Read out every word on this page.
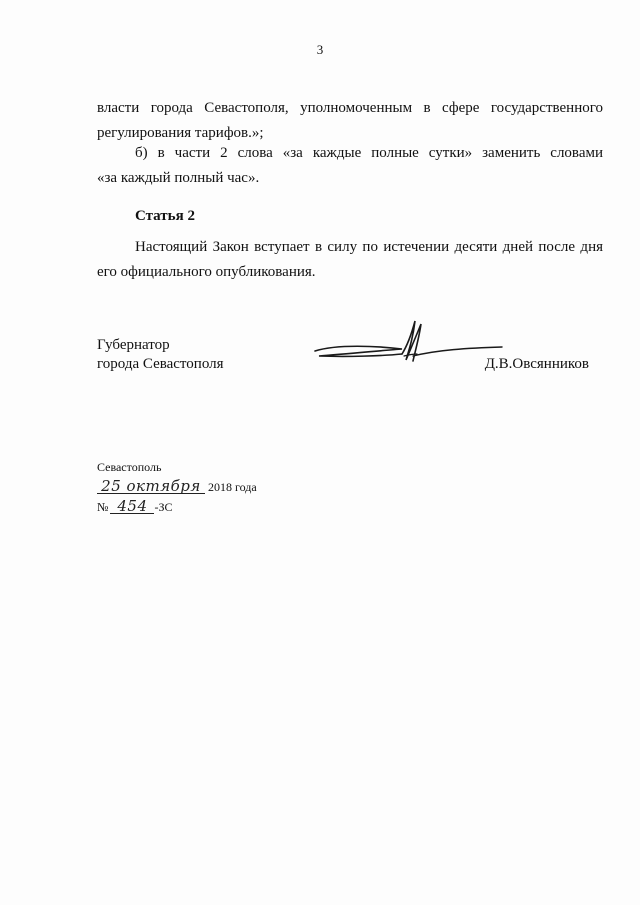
3
власти города Севастополя, уполномоченным в сфере государственного
регулирования тарифов.»;
б) в части 2 слова «за каждые полные сутки» заменить словами
«за каждый полный час».
Статья 2
Настоящий Закон вступает в силу по истечении десяти дней после дня
его официального опубликования.
Губернатор
города Севастополя	Д.В.Овсянников
Севастополь
25 октября 2018 года
№ 454 -ЗС
